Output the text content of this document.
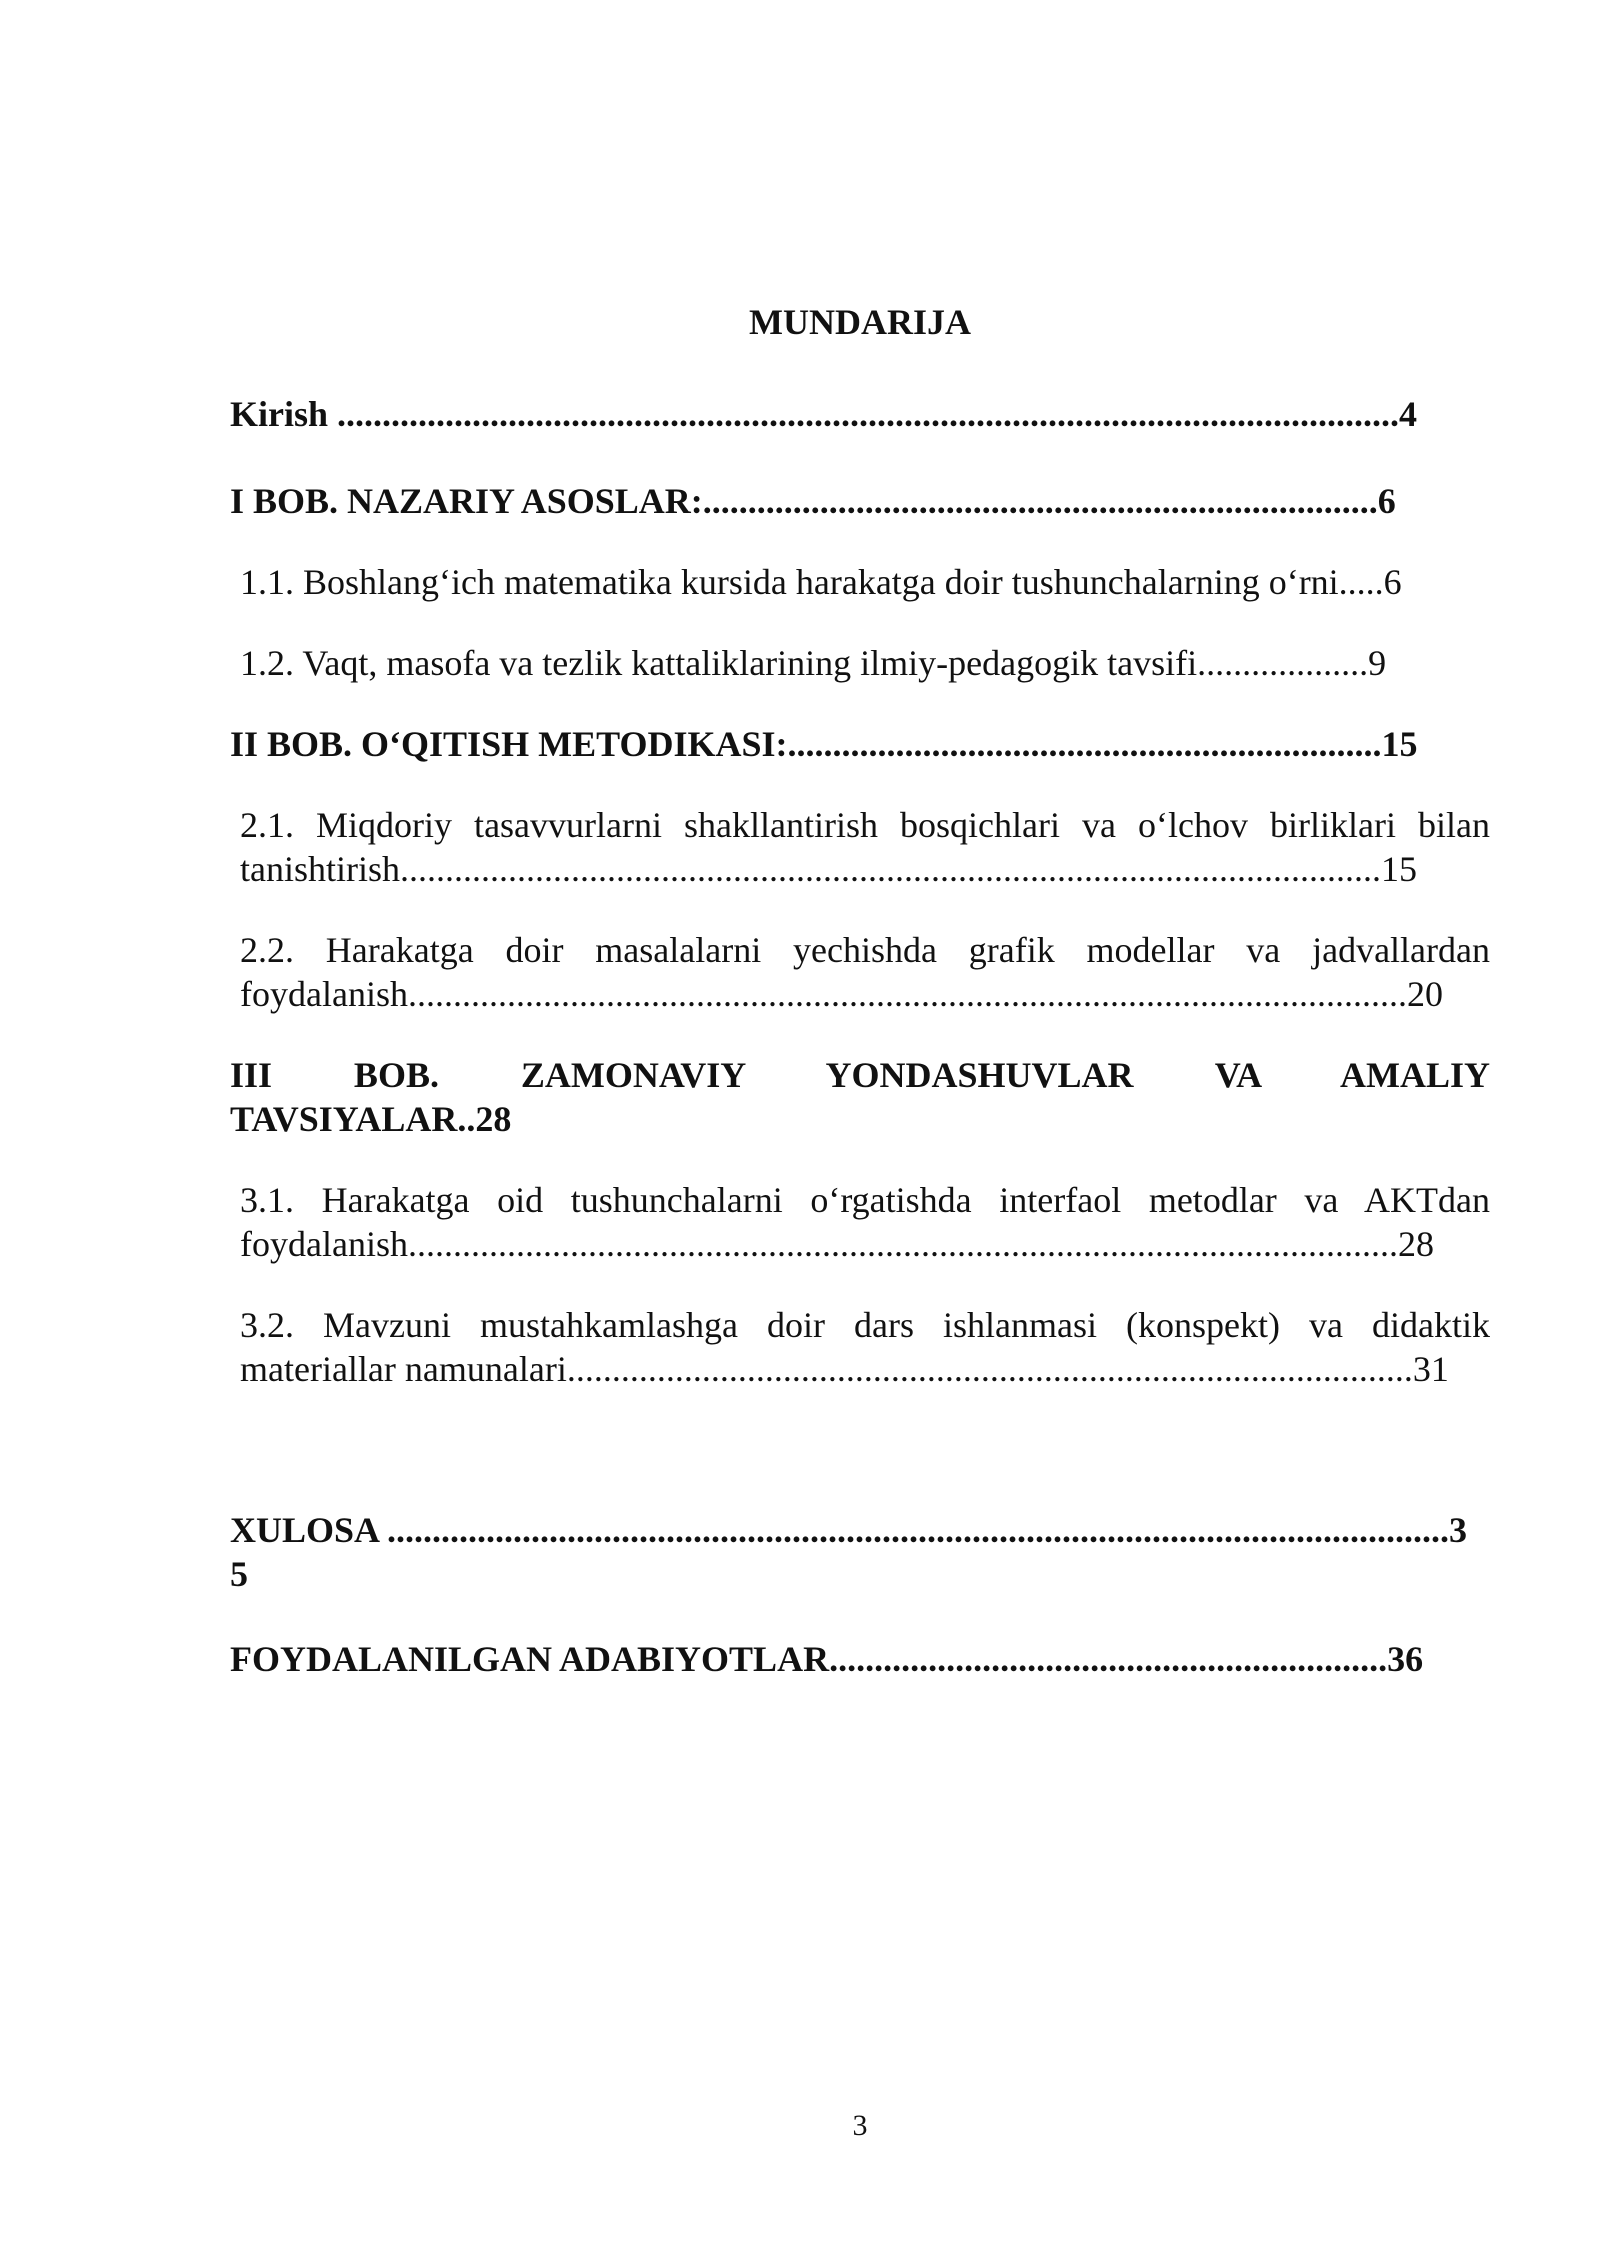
MUNDARIJA
Kirish ......................................................................................................................4
I BOB. NAZARIY ASOSLAR:...........................................................................6
1.1. Boshlang‘ich matematika kursida harakatga doir tushunchalarning o‘rni.....6
1.2. Vaqt, masofa va tezlik kattaliklarining ilmiy-pedagogik tavsifi...................9
II BOB. O‘QITISH METODIKASI:..................................................................15
2.1. Miqdoriy tasavvurlarni shakllantirish bosqichlari va o‘lchov birliklari bilan
tanishtirish.............................................................................................................15
2.2. Harakatga doir masalalarni yechishda grafik modellar va jadvallardan
foydalanish...............................................................................................................20
III BOB. ZAMONAVIY YONDASHUVLAR VA AMALIY
TAVSIYALAR..28
3.1. Harakatga oid tushunchalarni o‘rgatishda interfaol metodlar va AKTdan
foydalanish..............................................................................................................28
3.2. Mavzuni mustahkamlashga doir dars ishlanmasi (konspekt) va didaktik
materiallar namunalari..............................................................................................31
XULOSA ......................................................................................................................3
5
FOYDALANILGAN ADABIYOTLAR..............................................................36
3
